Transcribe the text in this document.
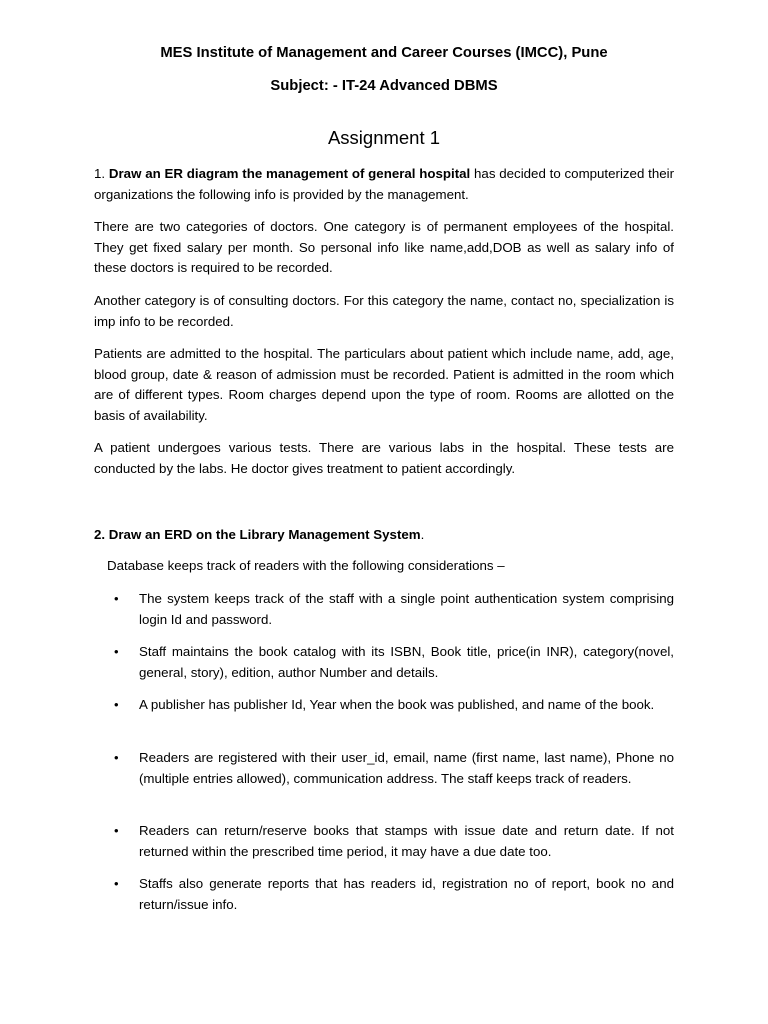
MES Institute of Management and Career Courses (IMCC), Pune
Subject: - IT-24 Advanced DBMS
Assignment 1
1. Draw an ER diagram the management of general hospital has decided to computerized their organizations the following info is provided by the management.
There are two categories of doctors. One category is of permanent employees of the hospital. They get fixed salary per month. So personal info like name,add,DOB as well as salary info of these doctors is required to be recorded.
Another category is of consulting doctors. For this category the name, contact no, specialization is imp info to be recorded.
Patients are admitted to the hospital. The particulars about patient which include name, add, age, blood group, date & reason of admission must be recorded. Patient is admitted in the room which are of different types. Room charges depend upon the type of room. Rooms are allotted on the basis of availability.
A patient undergoes various tests. There are various labs in the hospital. These tests are conducted by the labs. He doctor gives treatment to patient accordingly.
2. Draw an ERD on the Library Management System.
Database keeps track of readers with the following considerations –
• The system keeps track of the staff with a single point authentication system comprising login Id and password.
• Staff maintains the book catalog with its ISBN, Book title, price(in INR), category(novel, general, story), edition, author Number and details.
• A publisher has publisher Id, Year when the book was published, and name of the book.
• Readers are registered with their user_id, email, name (first name, last name), Phone no (multiple entries allowed), communication address. The staff keeps track of readers.
• Readers can return/reserve books that stamps with issue date and return date. If not returned within the prescribed time period, it may have a due date too.
• Staffs also generate reports that has readers id, registration no of report, book no and return/issue info.
